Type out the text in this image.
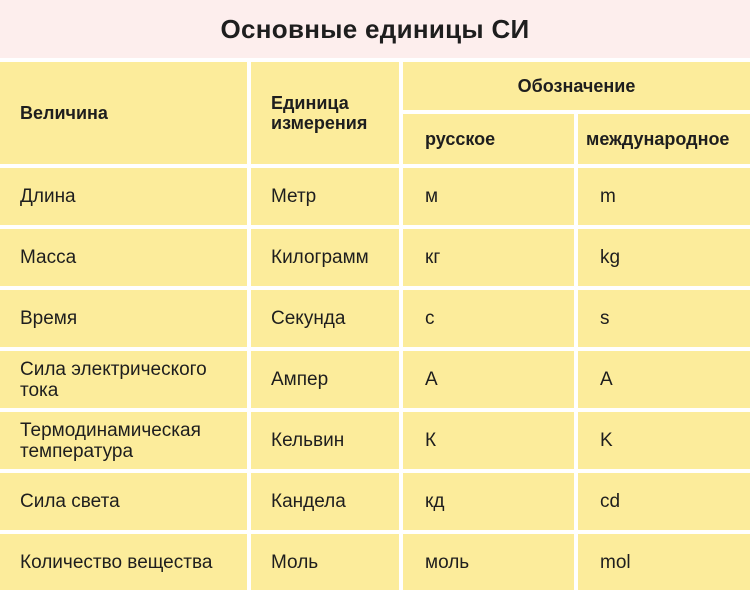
Основные единицы СИ
Величина	Единица измерения
Обозначение
русское	международное
Длина	Метр	м	m
Масса	Килограмм	кг	kg
Время	Секунда	с	s
Сила электрического тока	Ампер	А	A
Термодинамическая температура	Кельвин	К	K
Сила света	Кандела	кд	cd
Количество вещества	Моль	моль	mol
